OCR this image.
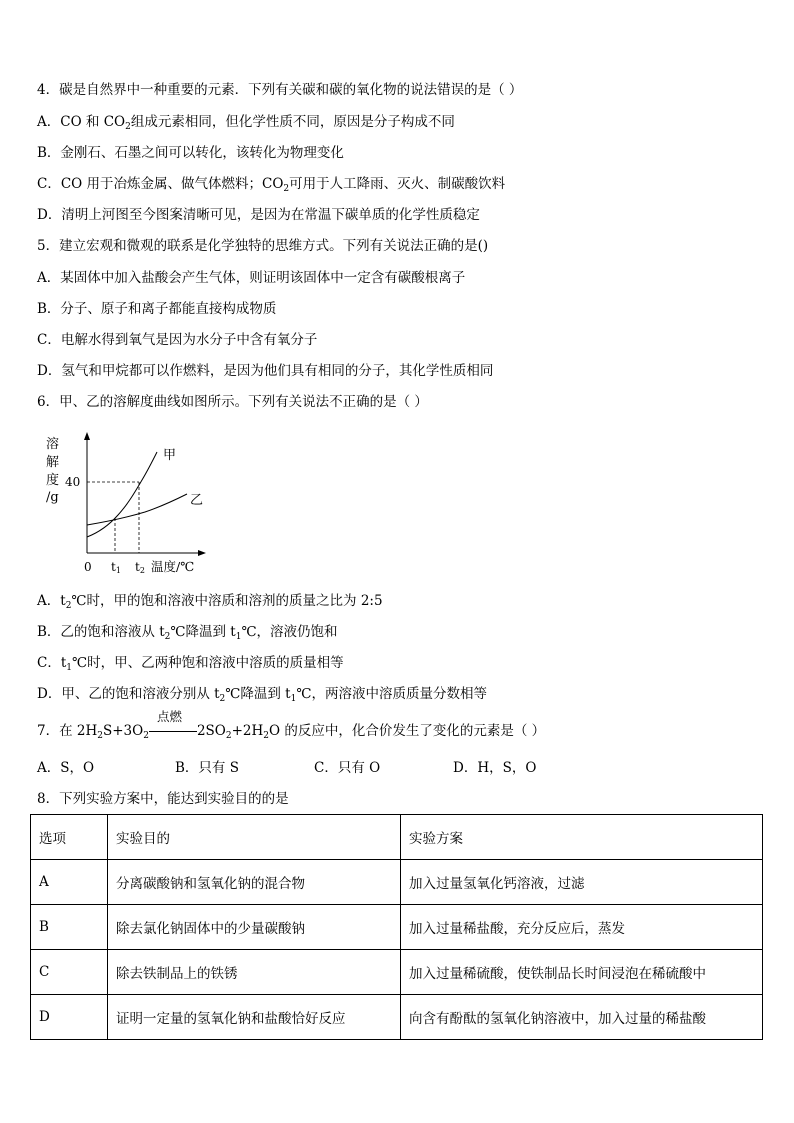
4．碳是自然界中一种重要的元素．下列有关碳和碳的氧化物的说法错误的是（ ）
A．CO 和 $CO_2$组成元素相同，但化学性质不同，原因是分子构成不同
B．金刚石、石墨之间可以转化，该转化为物理变化
C．CO 用于冶炼金属、做气体燃料；$CO_2$可用于人工降雨、灭火、制碳酸饮料
D．清明上河图至今图案清晰可见，是因为在常温下碳单质的化学性质稳定
5．建立宏观和微观的联系是化学独特的思维方式。下列有关说法正确的是()
A．某固体中加入盐酸会产生气体，则证明该固体中一定含有碳酸根离子
B．分子、原子和离子都能直接构成物质
C．电解水得到氧气是因为水分子中含有氧分子
D．氢气和甲烷都可以作燃料，是因为他们具有相同的分子，其化学性质相同
6．甲、乙的溶解度曲线如图所示。下列有关说法不正确的是（ ）
溶
解
度
/g
40
甲
乙
0 t1 t2 温度/℃
A．$t_2℃$时，甲的饱和溶液中溶质和溶剂的质量之比为 2:5
B．乙的饱和溶液从 $t_2℃$降温到 $t_1℃$，溶液仍饱和
C．$t_1℃$时，甲、乙两种饱和溶液中溶质的质量相等
D．甲、乙的饱和溶液分别从 $t_2℃$降温到 $t_1℃$，两溶液中溶质质量分数相等
7．在 $2H_2S+3O_2$
点燃
$2SO_2+2H_2O$ 的反应中，化合价发生了变化的元素是（ ）
A．S，O	B．只有 S	C．只有 O	D．H，S，O
8．下列实验方案中，能达到实验目的的是
选项	实验目的	实验方案
A	分离碳酸钠和氢氧化钠的混合物	加入过量氢氧化钙溶液，过滤
B	除去氯化钠固体中的少量碳酸钠	加入过量稀盐酸，充分反应后，蒸发
C	除去铁制品上的铁锈	加入过量稀硫酸，使铁制品长时间浸泡在稀硫酸中
D	证明一定量的氢氧化钠和盐酸恰好反应	向含有酚酞的氢氧化钠溶液中，加入过量的稀盐酸
